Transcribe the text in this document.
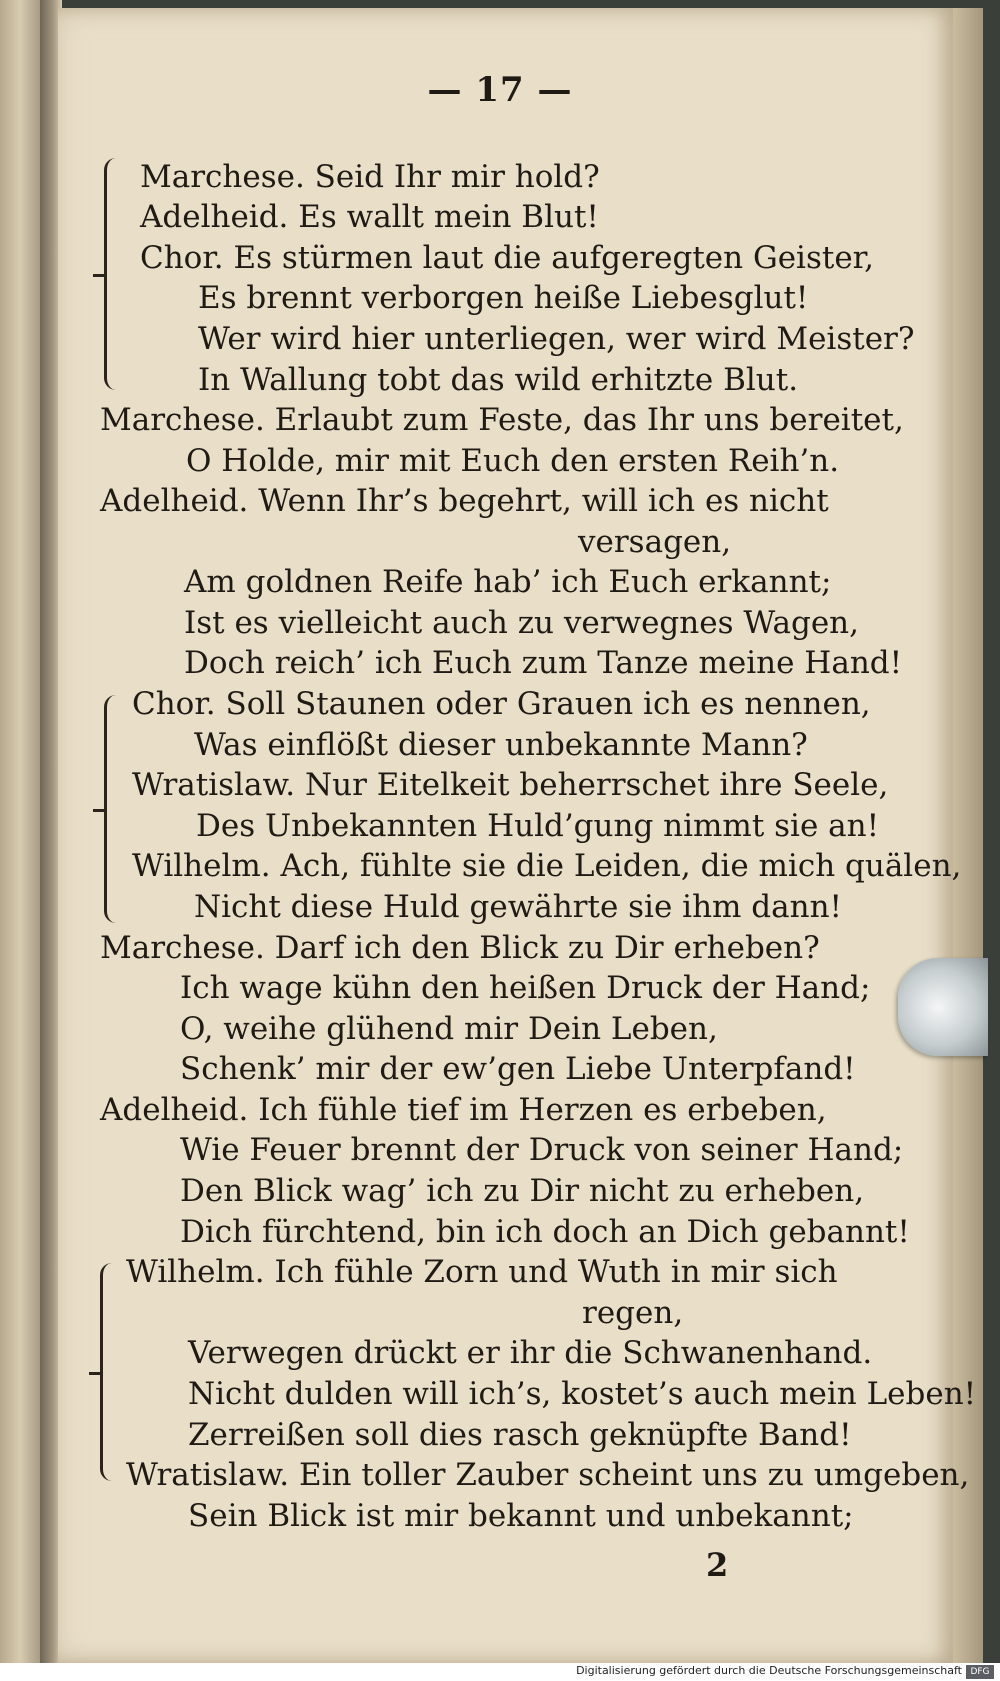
— 17 —
Marchese. Seid Ihr mir hold?
Adelheid. Es wallt mein Blut!
Chor. Es stürmen laut die aufgeregten Geister,
Es brennt verborgen heiße Liebesglut!
Wer wird hier unterliegen, wer wird Meister?
In Wallung tobt das wild erhitzte Blut.
Marchese. Erlaubt zum Feste, das Ihr uns bereitet,
O Holde, mir mit Euch den ersten Reih’n.
Adelheid. Wenn Ihr’s begehrt, will ich es nicht
versagen,
Am goldnen Reife hab’ ich Euch erkannt;
Ist es vielleicht auch zu verwegnes Wagen,
Doch reich’ ich Euch zum Tanze meine Hand!
Chor. Soll Staunen oder Grauen ich es nennen,
Was einflößt dieser unbekannte Mann?
Wratislaw. Nur Eitelkeit beherrschet ihre Seele,
Des Unbekannten Huld’gung nimmt sie an!
Wilhelm. Ach, fühlte sie die Leiden, die mich quälen,
Nicht diese Huld gewährte sie ihm dann!
Marchese. Darf ich den Blick zu Dir erheben?
Ich wage kühn den heißen Druck der Hand;
O, weihe glühend mir Dein Leben,
Schenk’ mir der ew’gen Liebe Unterpfand!
Adelheid. Ich fühle tief im Herzen es erbeben,
Wie Feuer brennt der Druck von seiner Hand;
Den Blick wag’ ich zu Dir nicht zu erheben,
Dich fürchtend, bin ich doch an Dich gebannt!
Wilhelm. Ich fühle Zorn und Wuth in mir sich
regen,
Verwegen drückt er ihr die Schwanenhand.
Nicht dulden will ich’s, kostet’s auch mein Leben!
Zerreißen soll dies rasch geknüpfte Band!
Wratislaw. Ein toller Zauber scheint uns zu umgeben,
Sein Blick ist mir bekannt und unbekannt;
2
Digitalisierung gefördert durch die Deutsche Forschungsgemeinschaft DFG
